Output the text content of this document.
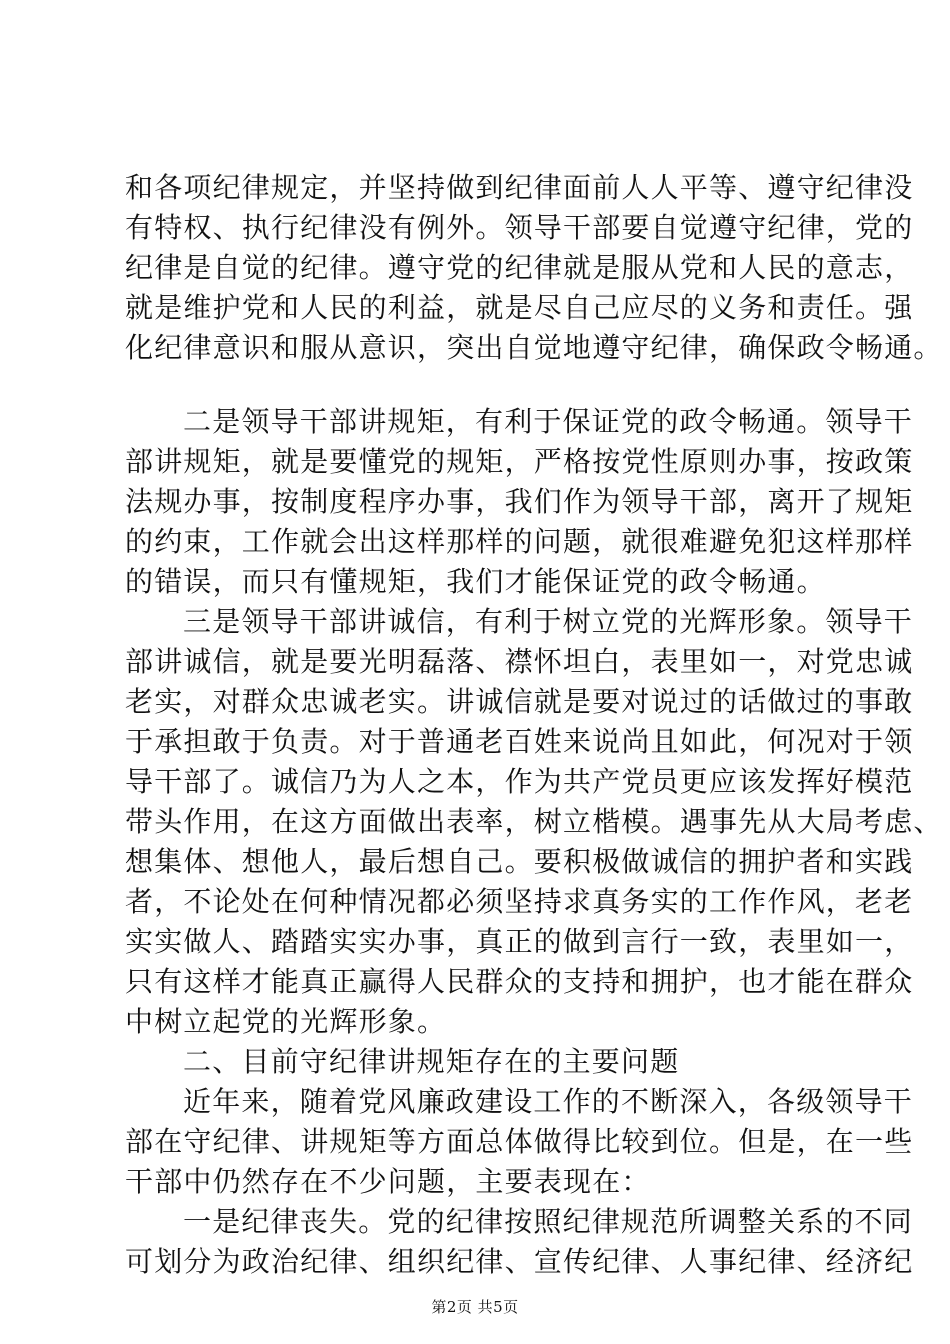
和各项纪律规定，并坚持做到纪律面前人人平等、遵守纪律没
有特权、执行纪律没有例外。领导干部要自觉遵守纪律，党的
纪律是自觉的纪律。遵守党的纪律就是服从党和人民的意志，
就是维护党和人民的利益，就是尽自己应尽的义务和责任。强
化纪律意识和服从意识，突出自觉地遵守纪律，确保政令畅通。
二是领导干部讲规矩，有利于保证党的政令畅通。领导干
部讲规矩，就是要懂党的规矩，严格按党性原则办事，按政策
法规办事，按制度程序办事，我们作为领导干部，离开了规矩
的约束，工作就会出这样那样的问题，就很难避免犯这样那样
的错误，而只有懂规矩，我们才能保证党的政令畅通。
三是领导干部讲诚信，有利于树立党的光辉形象。领导干
部讲诚信，就是要光明磊落、襟怀坦白，表里如一，对党忠诚
老实，对群众忠诚老实。讲诚信就是要对说过的话做过的事敢
于承担敢于负责。对于普通老百姓来说尚且如此，何况对于领
导干部了。诚信乃为人之本，作为共产党员更应该发挥好模范
带头作用，在这方面做出表率，树立楷模。遇事先从大局考虑、
想集体、想他人，最后想自己。要积极做诚信的拥护者和实践
者，不论处在何种情况都必须坚持求真务实的工作作风，老老
实实做人、踏踏实实办事，真正的做到言行一致，表里如一，
只有这样才能真正赢得人民群众的支持和拥护，也才能在群众
中树立起党的光辉形象。
二、目前守纪律讲规矩存在的主要问题
近年来，随着党风廉政建设工作的不断深入，各级领导干
部在守纪律、讲规矩等方面总体做得比较到位。但是，在一些
干部中仍然存在不少问题，主要表现在：
一是纪律丧失。党的纪律按照纪律规范所调整关系的不同
可划分为政治纪律、组织纪律、宣传纪律、人事纪律、经济纪
第2页 共5页
